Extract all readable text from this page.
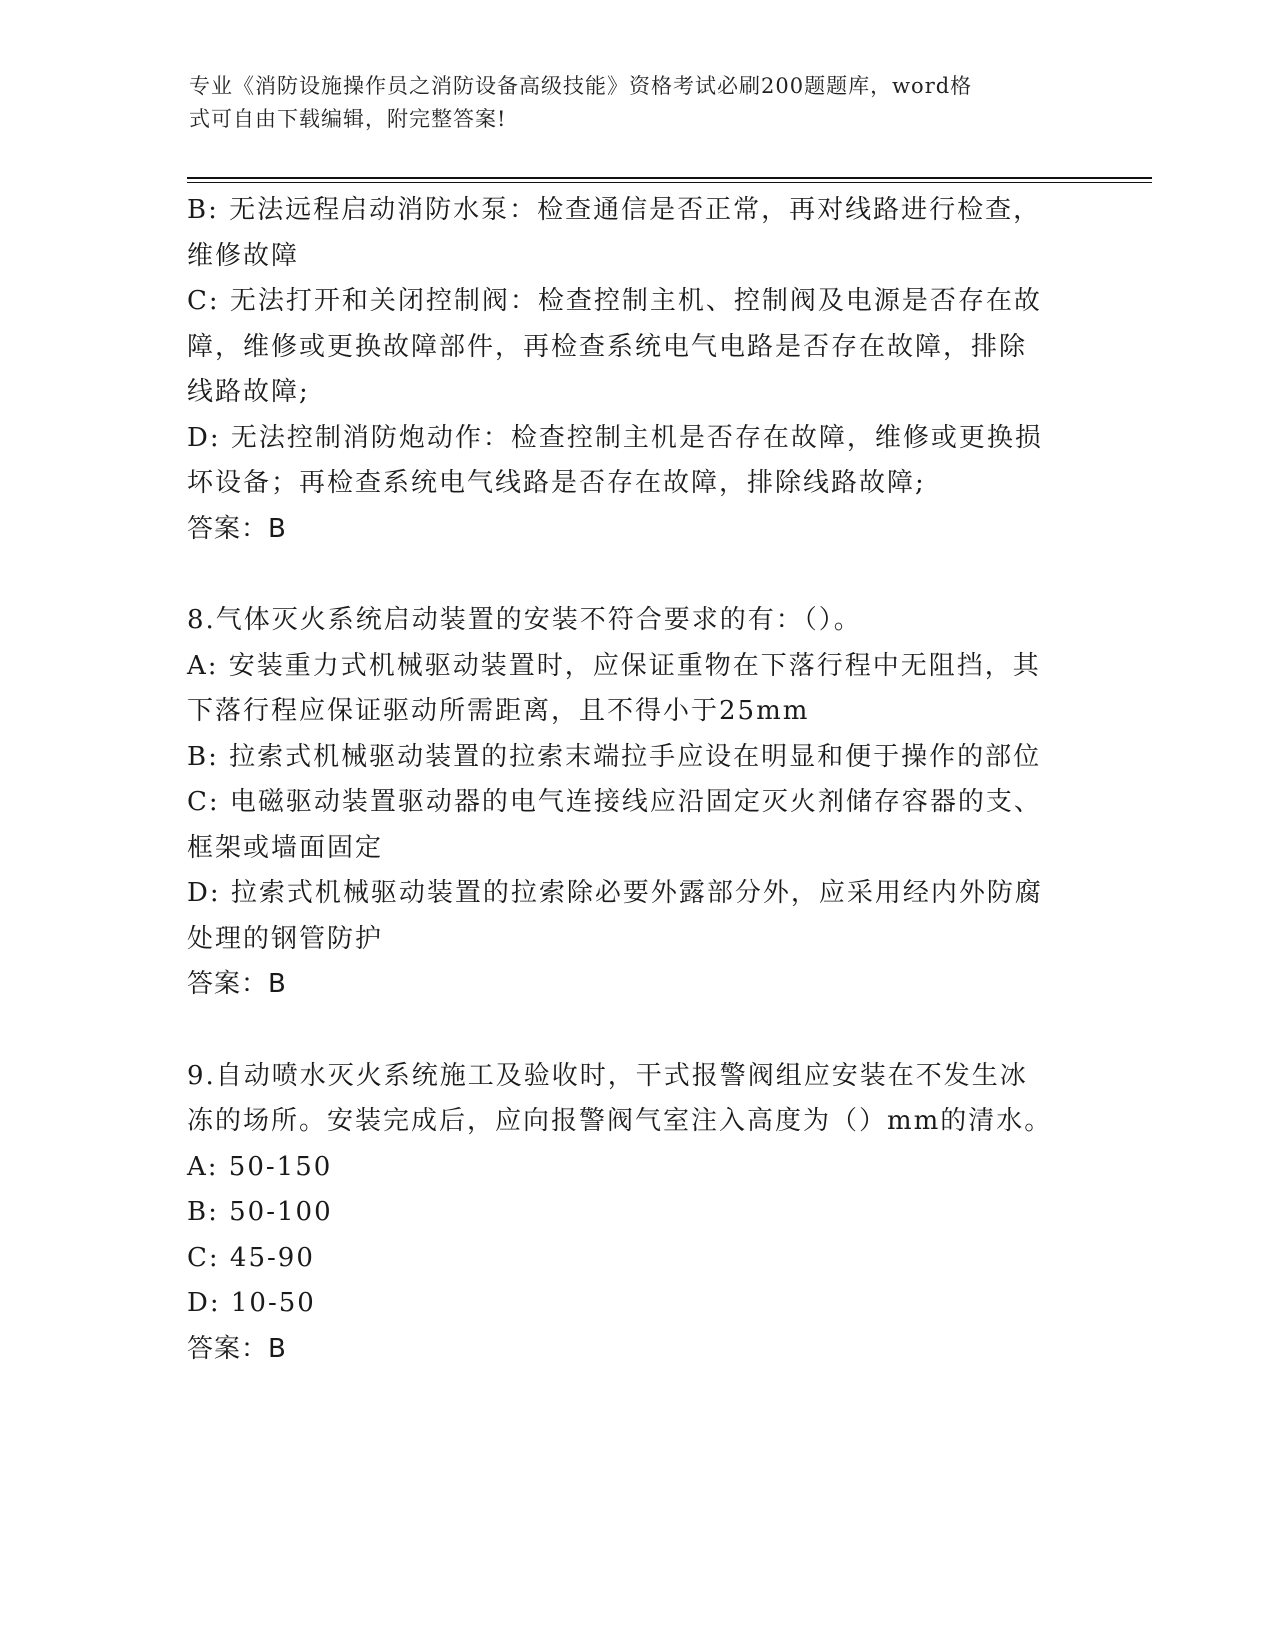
专业《消防设施操作员之消防设备高级技能》资格考试必刷200题题库，word格
式可自由下载编辑，附完整答案!
B: 无法远程启动消防水泵：检查通信是否正常，再对线路进行检查，
维修故障
C: 无法打开和关闭控制阀：检查控制主机、控制阀及电源是否存在故
障，维修或更换故障部件，再检查系统电气电路是否存在故障，排除
线路故障;
D: 无法控制消防炮动作：检查控制主机是否存在故障，维修或更换损
坏设备；再检查系统电气线路是否存在故障，排除线路故障;
答案：B
8.气体灭火系统启动装置的安装不符合要求的有：（）。
A: 安装重力式机械驱动装置时，应保证重物在下落行程中无阻挡，其
下落行程应保证驱动所需距离，且不得小于25mm
B: 拉索式机械驱动装置的拉索末端拉手应设在明显和便于操作的部位
C: 电磁驱动装置驱动器的电气连接线应沿固定灭火剂储存容器的支、
框架或墙面固定
D: 拉索式机械驱动装置的拉索除必要外露部分外，应采用经内外防腐
处理的钢管防护
答案：B
9.自动喷水灭火系统施工及验收时，干式报警阀组应安装在不发生冰
冻的场所。安装完成后，应向报警阀气室注入高度为（）mm的清水。
A: 50-150
B: 50-100
C: 45-90
D: 10-50
答案：B
